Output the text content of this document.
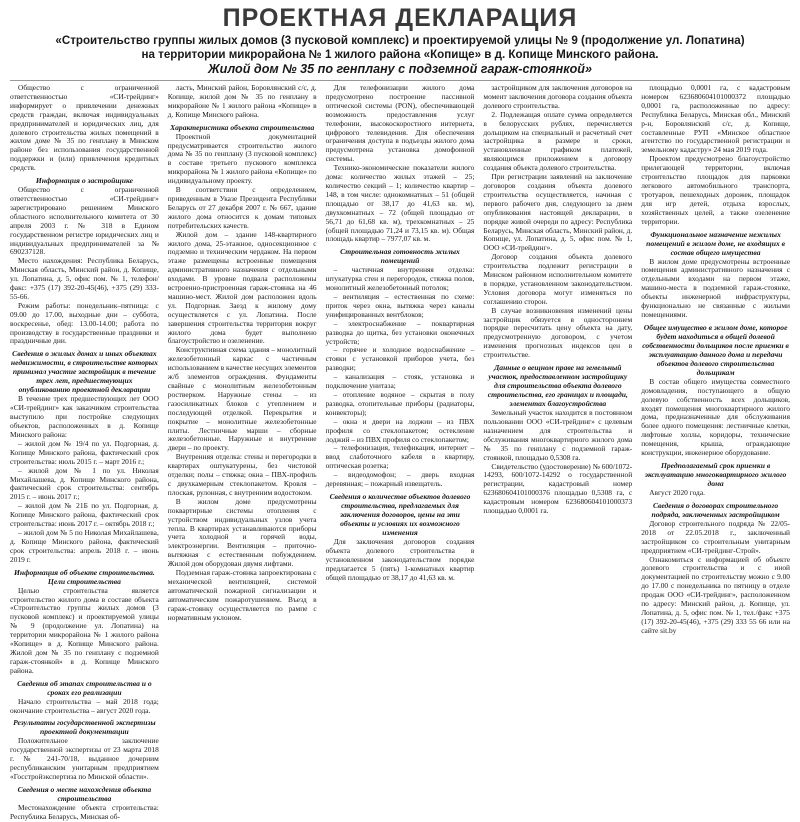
ПРОЕКТНАЯ ДЕКЛАРАЦИЯ
«Строительство группы жилых домов (3 пусковой комплекс) и проектируемой улицы № 9 (продолжение ул. Лопатина)
на территории микрорайона № 1 жилого района «Копище» в д. Копище Минского района.
Жилой дом № 35 по генплану с подземной гараж-стоянкой»

Общество с ограниченной ответственностью «СИ-трейдинг» информирует о привлечении денежных средств граждан, включая индивидуальных предпринимателей и юридических лиц, для долевого строительства жилых помещений в жилом доме № 35 по генплану в Минском районе без использования государственной поддержки и (или) привлечения кредитных средств.

Информация о застройщике

Общество с ограниченной ответственностью «СИ-трейдинг» зарегистрировано решением Минского областного исполнительного комитета от 30 апреля 2003 г. № 318 в Едином государственном регистре юридических лиц и индивидуальных предпринимателей за № 690237128.

Место нахождения: Республика Беларусь, Минская область, Минский район, д. Копище, ул. Лопатина, д. 5, офис пом. № 1, телефон/факс: +375 (17) 392-20-45(46), +375 (29) 333-55-66.

Режим работы: понедельник–пятница: с 09.00 до 17.00, выходные дни – суббота, воскресенье, обед: 13.00-14.00; работа по производству в государственные праздники и праздничные дни.

Сведения о жилых домах и иных объектах недвижимости, в строительстве которых принимал участие застройщик в течение трех лет, предшествующих опубликованию проектной декларации

В течение трех предшествующих лет ООО «СИ-трейдинг» как заказчиком строительства выступило при постройке следующих объектов, расположенных в д. Копище Минского района:

– жилой дом № 19/4 по ул. Подгорная, д. Копище Минского района, фактический срок строительства: июль 2015 г. – март 2016 г.;

– жилой дом № 1 по ул. Николая Михайлашева, д. Копище Минского района, фактический срок строительства: сентябрь 2015 г. – июнь 2017 г.;

– жилой дом № 21Б по ул. Подгорная, д. Копище Минского района, фактический срок строительства: июнь 2017 г. – октябрь 2018 г.;

– жилой дом № 5 по Николая Михайлашева, д. Копище Минского района, фактический срок строительства: апрель 2018 г. – июнь 2019 г.

Информация об объекте строительства. Цели строительства

Целью строительства является строительство жилого дома в составе объекта «Строительство группы жилых домов (3 пусковой комплекс) и проектируемой улицы № 9 (продолжение ул. Лопатина) на территории микрорайона № 1 жилого района «Копище» в д. Копище Минского района. Жилой дом № 35 по генплану с подземной гараж-стоянкой» в д. Копище Минского района.

Сведения об этапах строительства и о сроках его реализации

Начало строительства – май 2018 года; окончание строительства – август 2020 года.

Результаты государственной экспертизы проектной документации

Положительное заключение государственной экспертизы от 23 марта 2018 г. № 241-70/18, выданное дочерним республиканским унитарным предприятием «Госстройэкспертиза по Минской области».

Сведения о месте нахождения объекта строительства

Местонахождение объекта строительства: Республика Беларусь, Минская об-

ласть, Минский район, Боровлянский с/с, д. Копище, жилой дом № 35 по генплану в микрорайоне № 1 жилого района «Копище» в д. Копище Минского района.

Характеристика объекта строительства

Проектной документацией предусматривается строительство жилого дома № 35 по генплану (3 пусковой комплекс) в составе третьего пускового комплекса микрорайона № 1 жилого района «Копище» по индивидуальному проекту.

В соответствии с определением, приведенным в Указе Президента Республики Беларусь от 27 декабря 2007 г. № 667, здание жилого дома относится к домам типовых потребительских качеств.

Жилой дом – здание 148-квартирного жилого дома, 25-этажное, односекционное с подземно и техническим чердаком. На первом этаже размещены встроенные помещения административного назначения с отдельными входами. В уровне подвала расположены встроенно-пристроенная гараж-стоянка на 46 машино-мест. Жилой дом расположен вдоль ул. Подгорная. Заезд к жилому дому осуществляется с ул. Лопатина. После завершения строительства территория вокруг жилого дома будет выполнено благоустройство и озеленение.

Конструктивная схема здания – монолитный железобетонный каркас с частичным использованием в качестве несущих элементов ж/б элементов ограждения. Фундаменты свайные с монолитным железобетонным ростверком. Наружные стены – из газосиликатных блоков с утеплением и последующей отделкой. Перекрытия и покрытие – монолитные железобетонные плиты. Лестничные марши – сборные железобетонные. Наружные и внутренние двери – по проекту.

Внутренняя отделка: стены и перегородки в квартирах оштукатурены, без чистовой отделки; полы – стяжка; окна – ПВХ-профиль с двухкамерным стеклопакетом. Кровля – плоская, рулонная, с внутренним водостоком.

В жилом доме предусмотрены поквартирные системы отопления с устройством индивидуальных узлов учета тепла. В квартирах устанавливаются приборы учета холодной и горячей воды, электроэнергии. Вентиляция – приточно-вытяжная с естественным побуждением. Жилой дом оборудован двумя лифтами.

Подземная гараж-стоянка запроектирована с механической вентиляцией, системой автоматической пожарной сигнализации и автоматическим пожаротушением. Въезд в гараж-стоянку осуществляется по рампе с нормативным уклоном.

Для телефонизации жилого дома предусмотрено построение пассивной оптической системы (PON), обеспечивающей возможность предоставления услуг телефонии, высокоскоростного интернета, цифрового телевидения. Для обеспечения ограничения доступа в подъезды жилого дома предусмотрена установка домофонной системы.

Технико-экономические показатели жилого дома: количество жилых этажей – 25; количество секций – 1; количество квартир – 148, в том числе: однокомнатных – 51 (общей площадью от 38,17 до 41,63 кв. м), двухкомнатных – 72 (общей площадью от 56,71 до 61,68 кв. м), трехкомнатных – 25 (общей площадью 71,24 и 73,15 кв. м). Общая площадь квартир – 7977,07 кв. м.

Строительная готовность жилых помещений

– частичная внутренняя отделка: штукатурка стен и перегородок, стяжка полов, монолитный железобетонный потолок;

– вентиляция – естественная по схеме: приток через окна, вытяжка через каналы унифицированных вентблоков;

– электроснабжение – поквартирная разводка до щитка, без установки оконечных устройств;

– горячее и холодное водоснабжение – стояки с установкой приборов учета, без разводки;

– канализация – стояк, установка и подключение унитаза;

– отопление водяное – скрытая в полу разводка, отопительные приборы (радиаторы, конвекторы);

– окна и двери на лоджии – из ПВХ профиля со стеклопакетом; остекление лоджий – из ПВХ профиля со стеклопакетом;

– телефонизация, телефикация, интернет – ввод слаботочного кабеля в квартиру, оптическая розетка;

– видеодомофон; – дверь входная деревянная; – пожарный извещатель.

Сведения о количестве объектов долевого строительства, предлагаемых для заключения договоров, цены на эти объекты и условиях их возможного изменения

Для заключения договоров создания объекта долевого строительства в установленном законодательством порядке предлагается 5 (пять) 1-комнатных квартир общей площадью от 38,17 до 41,63 кв. м.

застройщиком для заключения договоров на момент заключения договора создания объекта долевого строительства.

2. Подлежащая оплате сумма определяется в белорусских рублях, перечисляется дольщиком на специальный и расчетный счет застройщика в размере и сроки, установленные графиком платежей, являющимся приложением к договору создания объекта долевого строительства.

При регистрации заявлений на заключение договоров создания объекта долевого строительства осуществляется, начиная с первого рабочего дня, следующего за днем опубликования настоящей декларации, в порядке живой очереди по адресу: Республика Беларусь, Минская область, Минский район, д. Копище, ул. Лопатина, д. 5, офис пом. № 1, ООО «СИ-трейдинг».

Договор создания объекта долевого строительства подлежит регистрации в Минском районном исполнительном комитете в порядке, установленном законодательством. Условия договора могут изменяться по соглашению сторон.

В случае возникновения изменений цены застройщик обязуется в одностороннем порядке пересчитать цену объекта на дату, предусмотренную договором, с учетом изменения прогнозных индексов цен в строительстве.

Данные о вещном праве на земельный участок, предоставленном застройщику для строительства объекта долевого строительства, его границах и площади, элементах благоустройства

Земельный участок находится в постоянном пользовании ООО «СИ-трейдинг» с целевым назначением для строительства и обслуживания многоквартирного жилого дома № 35 по генплану с подземной гараж-стоянкой, площадью 0,5308 га.

Свидетельство (удостоверение) № 600/1072-14293, 600/1072-14292 о государственной регистрации, кадастровый номер 623680604101000376 площадью 0,5308 га, с кадастровым номером 623680604101000373 площадью 0,0001 га.

площадью 0,0001 га, с кадастровым номером 623680604101000372 площадью 0,0001 га, расположенные по адресу: Республика Беларусь, Минская обл., Минский р-н, Боровлянский с/с, д. Копище, составленные РУП «Минское областное агентство по государственной регистрации и земельному кадастру» 24 мая 2019 года.

Проектом предусмотрено благоустройство прилегающей территории, включая строительство площадок для парковки легкового автомобильного транспорта, тротуаров, пешеходных дорожек, площадок для игр детей, отдыха взрослых, хозяйственных целей, а также озеленение территории.

Функциональное назначение нежилых помещений в жилом доме, не входящих в состав общего имущества

В жилом доме предусмотрены встроенные помещения административного назначения с отдельными входами на первом этаже, машино-места в подземной гараж-стоянке, объекты инженерной инфраструктуры, функционально не связанные с жилыми помещениями.

Общее имущество в жилом доме, которое будет находиться в общей долевой собственности дольщиков после приемки в эксплуатацию данного дома и передачи объектов долевого строительства дольщикам

В состав общего имущества совместного домовладения, поступающего в общую долевую собственность всех дольщиков, входят помещения многоквартирного жилого дома, предназначенные для обслуживания более одного помещения: лестничные клетки, лифтовые холлы, коридоры, технические помещения, крыша, ограждающие конструкции, инженерное оборудование.

Предполагаемый срок приемки в эксплуатацию многоквартирного жилого дома

Август 2020 года.

Сведения о договорах строительного подряда, заключенных застройщиком

Договор строительного подряда № 22/05-2018 от 22.05.2018 г., заключенный застройщиком со строительным унитарным предприятием «СИ-трейдинг-Строй».

Ознакомиться с информацией об объекте долевого строительства и с иной документацией по строительству можно с 9.00 до 17.00 с понедельника по пятницу в отделе продаж ООО «СИ-трейдинг», расположенном по адресу: Минский район, д. Копище, ул. Лопатина, д. 5, офис пом. № 1, тел./факс +375 (17) 392-20-45(46), +375 (29) 333 55 66 или на сайте sit.by
